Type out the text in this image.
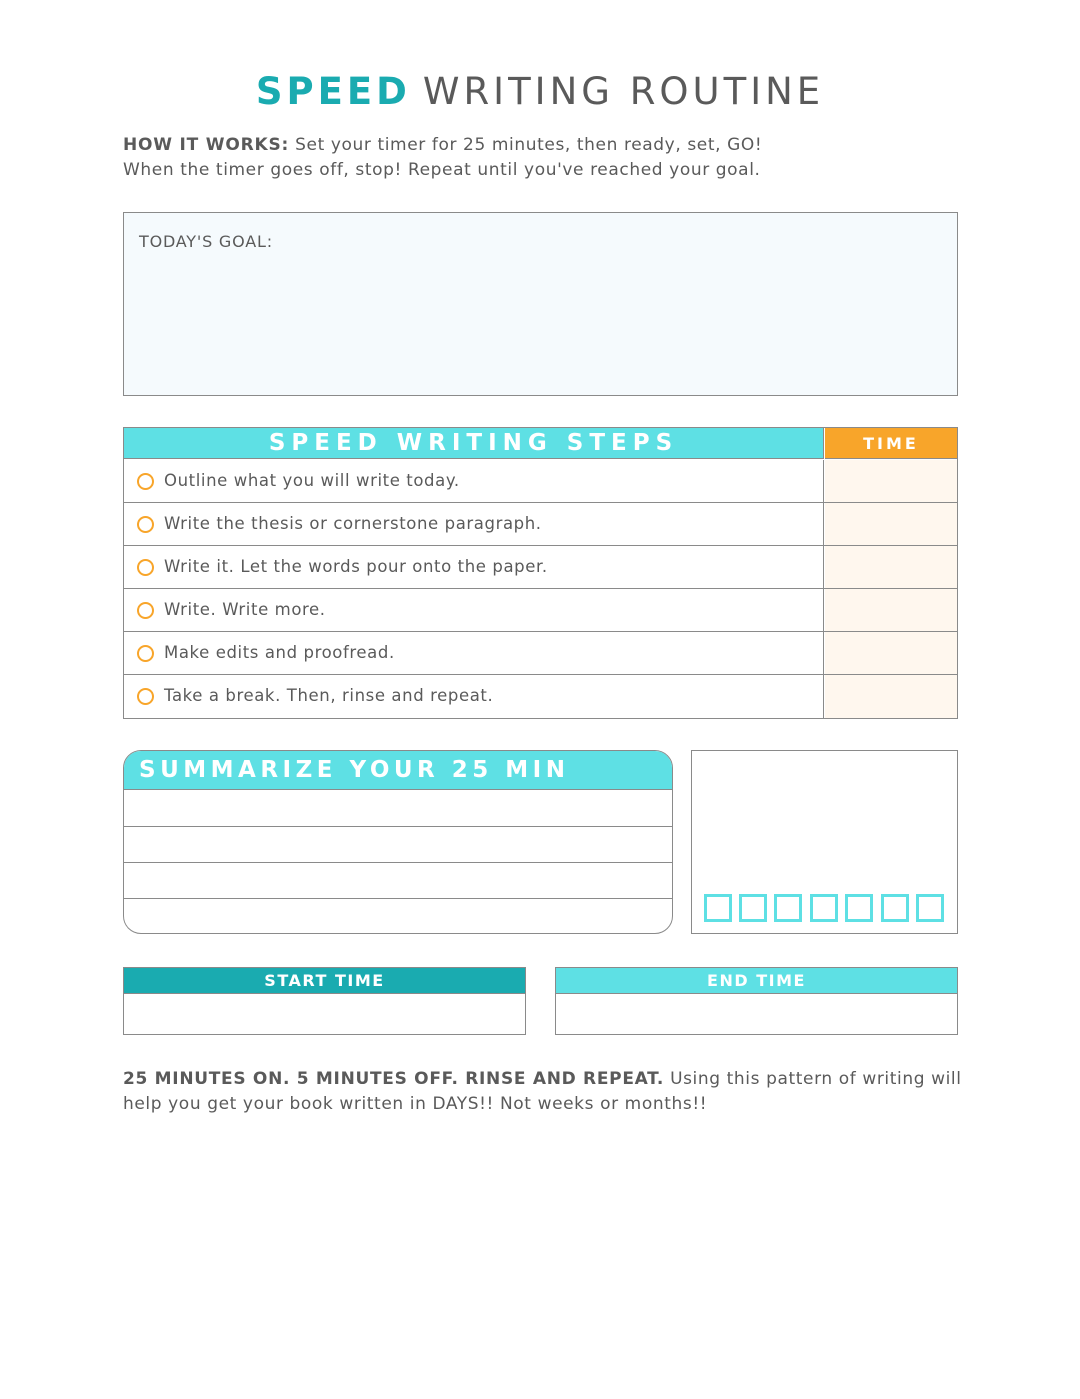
SPEED WRITING ROUTINE
HOW IT WORKS: Set your timer for 25 minutes, then ready, set, GO!
When the timer goes off, stop! Repeat until you've reached your goal.
TODAY'S GOAL:
SPEED WRITING STEPS	TIME
Outline what you will write today.
Write the thesis or cornerstone paragraph.
Write it. Let the words pour onto the paper.
Write. Write more.
Make edits and proofread.
Take a break. Then, rinse and repeat.
SUMMARIZE YOUR 25 MIN
START TIME	END TIME
25 MINUTES ON. 5 MINUTES OFF. RINSE AND REPEAT. Using this pattern of writing will help you get your book written in DAYS!! Not weeks or months!!
